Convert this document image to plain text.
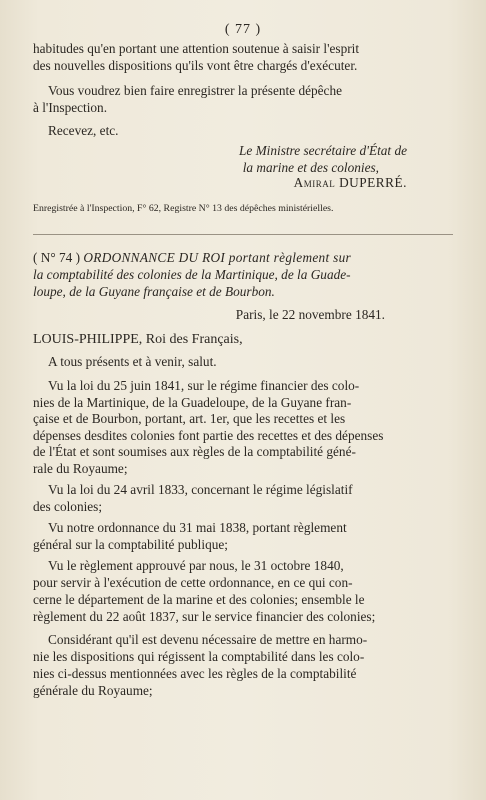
( 77 )
habitudes qu'en portant une attention soutenue à saisir l'esprit
des nouvelles dispositions qu'ils vont être chargés d'exécuter.
Vous voudrez bien faire enregistrer la présente dépêche
à l'Inspection.
Recevez, etc.
Le Ministre secrétaire d'État de
la marine et des colonies,
Amiral DUPERRÉ.
Enregistrée à l'Inspection, F° 62, Registre N° 13 des dépêches ministérielles.
( N° 74 ) ORDONNANCE DU ROI portant règlement sur
la comptabilité des colonies de la Martinique, de la Guade-
loupe, de la Guyane française et de Bourbon.
Paris, le 22 novembre 1841.
LOUIS-PHILIPPE, Roi des Français,
A tous présents et à venir, salut.
Vu la loi du 25 juin 1841, sur le régime financier des colo-
nies de la Martinique, de la Guadeloupe, de la Guyane fran-
çaise et de Bourbon, portant, art. 1er, que les recettes et les
dépenses desdites colonies font partie des recettes et des dépenses
de l'État et sont soumises aux règles de la comptabilité géné-
rale du Royaume;
Vu la loi du 24 avril 1833, concernant le régime législatif
des colonies;
Vu notre ordonnance du 31 mai 1838, portant règlement
général sur la comptabilité publique;
Vu le règlement approuvé par nous, le 31 octobre 1840,
pour servir à l'exécution de cette ordonnance, en ce qui con-
cerne le département de la marine et des colonies; ensemble le
règlement du 22 août 1837, sur le service financier des colonies;
Considérant qu'il est devenu nécessaire de mettre en harmo-
nie les dispositions qui régissent la comptabilité dans les colo-
nies ci-dessus mentionnées avec les règles de la comptabilité
générale du Royaume;
